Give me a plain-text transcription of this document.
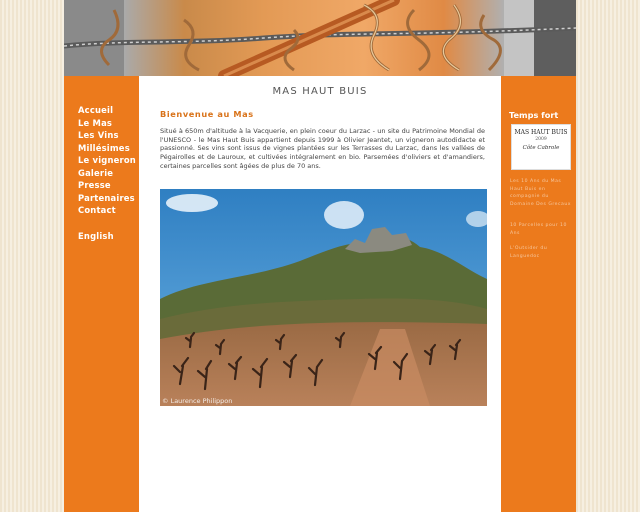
Accueil
Le Mas
Les Vins
Millésimes
Le vigneron
Galerie
Presse
Partenaires
Contact
English
MAS HAUT BUIS
Bienvenue au Mas

Situé à 650m d'altitude à la Vacquerie, en plein coeur du Larzac - un site du Patrimoine Mondial de l'UNESCO - le Mas Haut Buis appartient depuis 1999 à Olivier Jeantet, un vigneron autodidacte et passionné. Ses vins sont issus de vignes plantées sur les Terrasses du Larzac, dans les vallées de Pégairolles et de Lauroux, et cultivées intégralement en bio. Parsemées d'oliviers et d'amandiers, certaines parcelles sont âgées de plus de 70 ans.

© Laurence Philippon
Temps fort
MAS HAUT BUIS
2009
Côte Cabrole

Les 10 Ans du Mas Haut Buis en compagnie du Domaine Des Grecaux

10 Parcelles pour 10 Ans

L'Outsider du Languedoc
